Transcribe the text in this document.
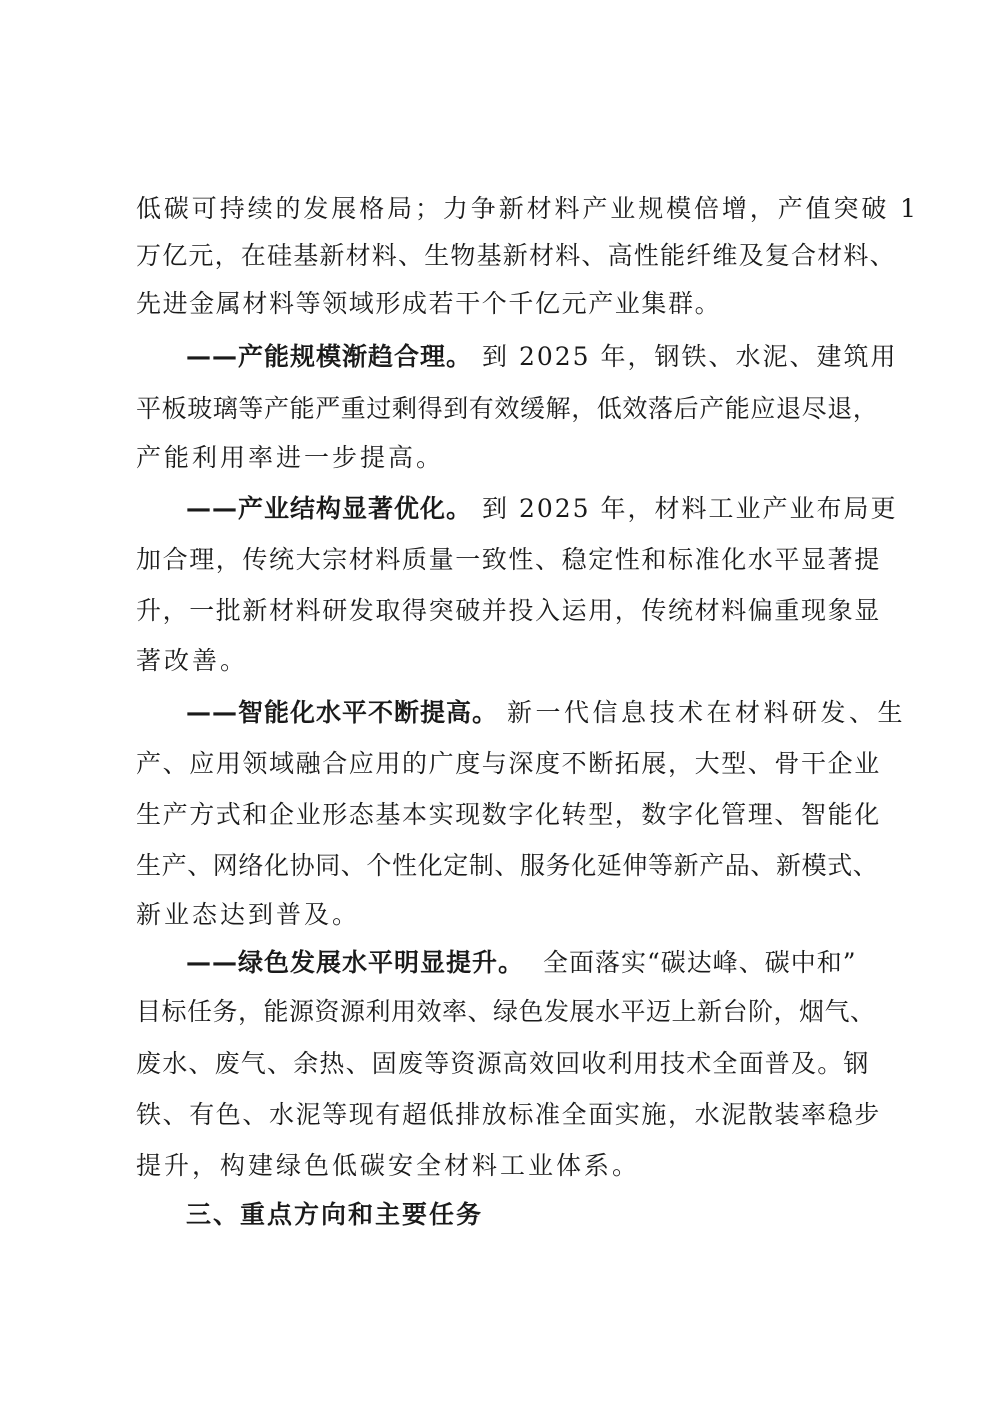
低碳可持续的发展格局；力争新材料产业规模倍增，产值突破 1
万亿元，在硅基新材料、生物基新材料、高性能纤维及复合材料、
先进金属材料等领域形成若干个千亿元产业集群。
——产能规模渐趋合理。 到 2025 年，钢铁、水泥、建筑用
平板玻璃等产能严重过剩得到有效缓解，低效落后产能应退尽退，
产能利用率进一步提高。
——产业结构显著优化。 到 2025 年，材料工业产业布局更
加合理，传统大宗材料质量一致性、稳定性和标准化水平显著提
升，一批新材料研发取得突破并投入运用，传统材料偏重现象显
著改善。
——智能化水平不断提高。 新一代信息技术在材料研发、生
产、应用领域融合应用的广度与深度不断拓展，大型、骨干企业
生产方式和企业形态基本实现数字化转型，数字化管理、智能化
生产、网络化协同、个性化定制、服务化延伸等新产品、新模式、
新业态达到普及。
——绿色发展水平明显提升。 全面落实“碳达峰、碳中和”
目标任务，能源资源利用效率、绿色发展水平迈上新台阶，烟气、
废水、废气、余热、固废等资源高效回收利用技术全面普及。钢
铁、有色、水泥等现有超低排放标准全面实施，水泥散装率稳步
提升，构建绿色低碳安全材料工业体系。
三、重点方向和主要任务
